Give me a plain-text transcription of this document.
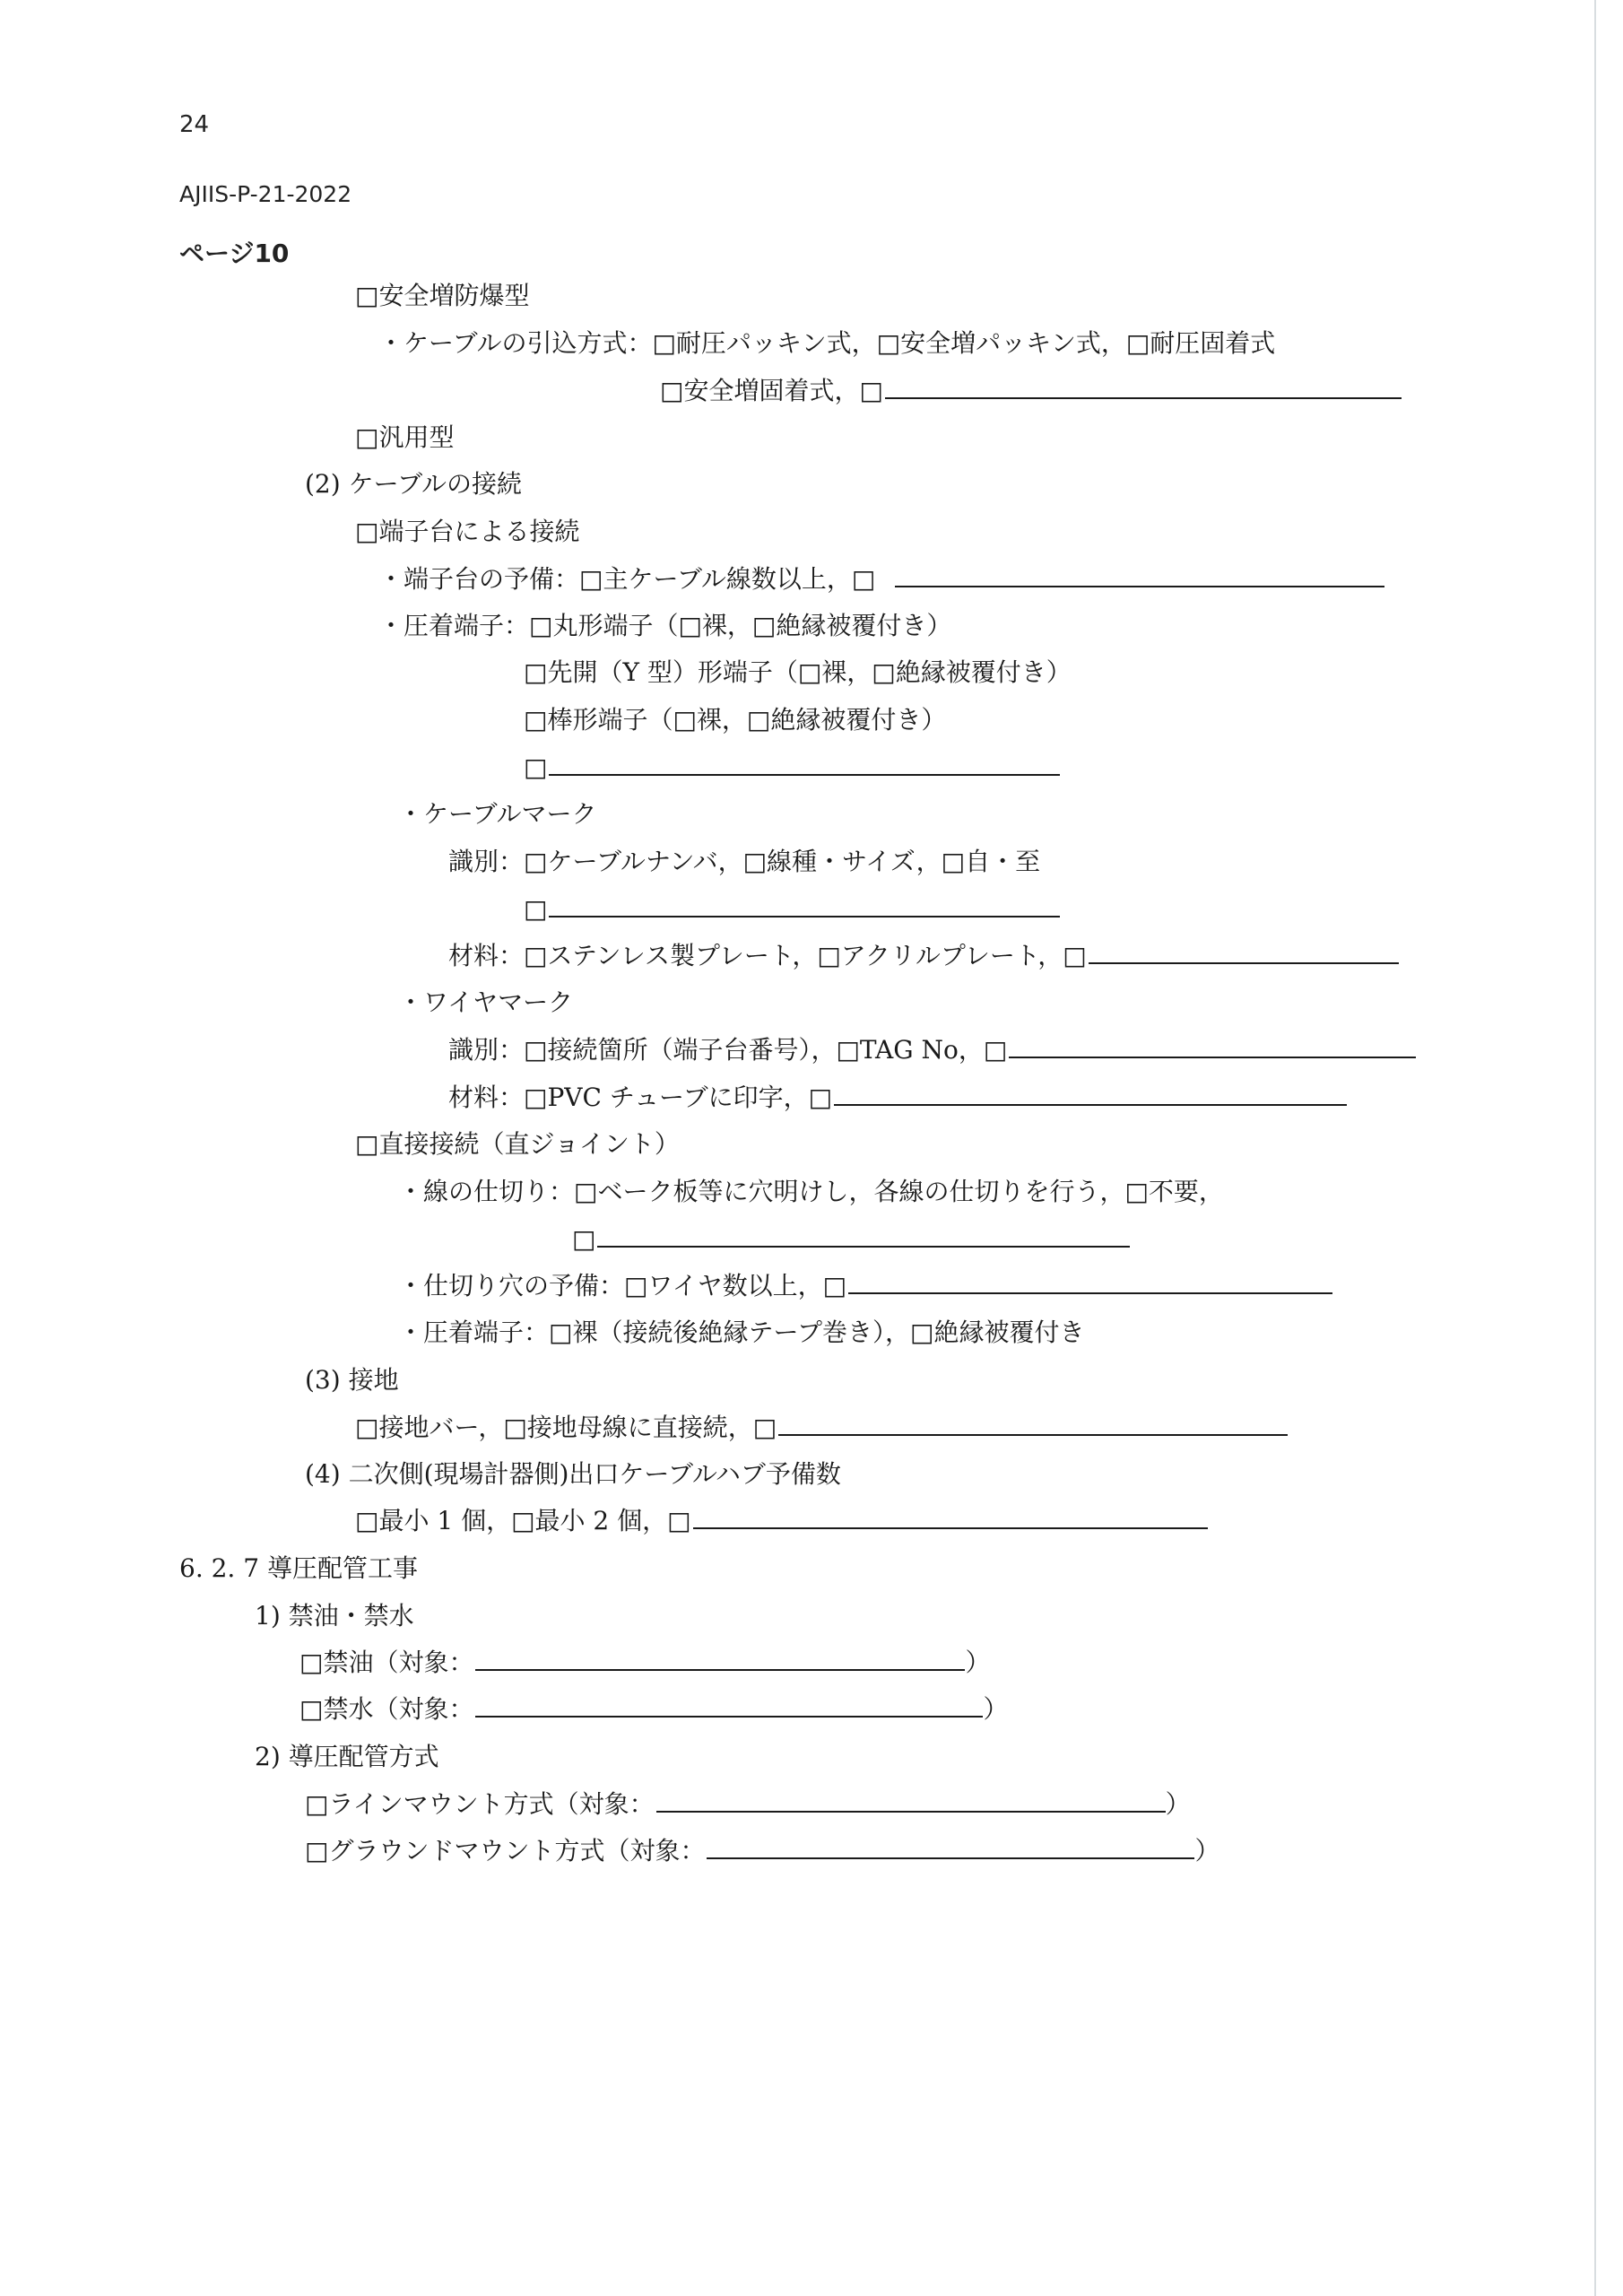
24
AJIIS-P-21-2022
ページ10
□安全増防爆型
・ケーブルの引込方式：□耐圧パッキン式，□安全増パッキン式，□耐圧固着式
□安全増固着式，□
□汎用型
(2) ケーブルの接続
□端子台による接続
・端子台の予備：□主ケーブル線数以上，□
・圧着端子：□丸形端子（□裸，□絶縁被覆付き）
□先開（Y 型）形端子（□裸，□絶縁被覆付き）
□棒形端子（□裸，□絶縁被覆付き）
□
・ケーブルマーク
識別：□ケーブルナンバ，□線種・サイズ，□自・至
□
材料：□ステンレス製プレート，□アクリルプレート，□
・ワイヤマーク
識別：□接続箇所（端子台番号），□TAG No，□
材料：□PVC チューブに印字，□
□直接接続（直ジョイント）
・線の仕切り：□ベーク板等に穴明けし，各線の仕切りを行う，□不要，
□
・仕切り穴の予備：□ワイヤ数以上，□
・圧着端子：□裸（接続後絶縁テープ巻き），□絶縁被覆付き
(3) 接地
□接地バー，□接地母線に直接続，□
(4) 二次側(現場計器側)出口ケーブルハブ予備数
□最小 1 個，□最小 2 個，□
6. 2. 7 導圧配管工事
1) 禁油・禁水
□禁油（対象：	）
□禁水（対象：	）
2) 導圧配管方式
□ラインマウント方式（対象：	）
□グラウンドマウント方式（対象：	）
